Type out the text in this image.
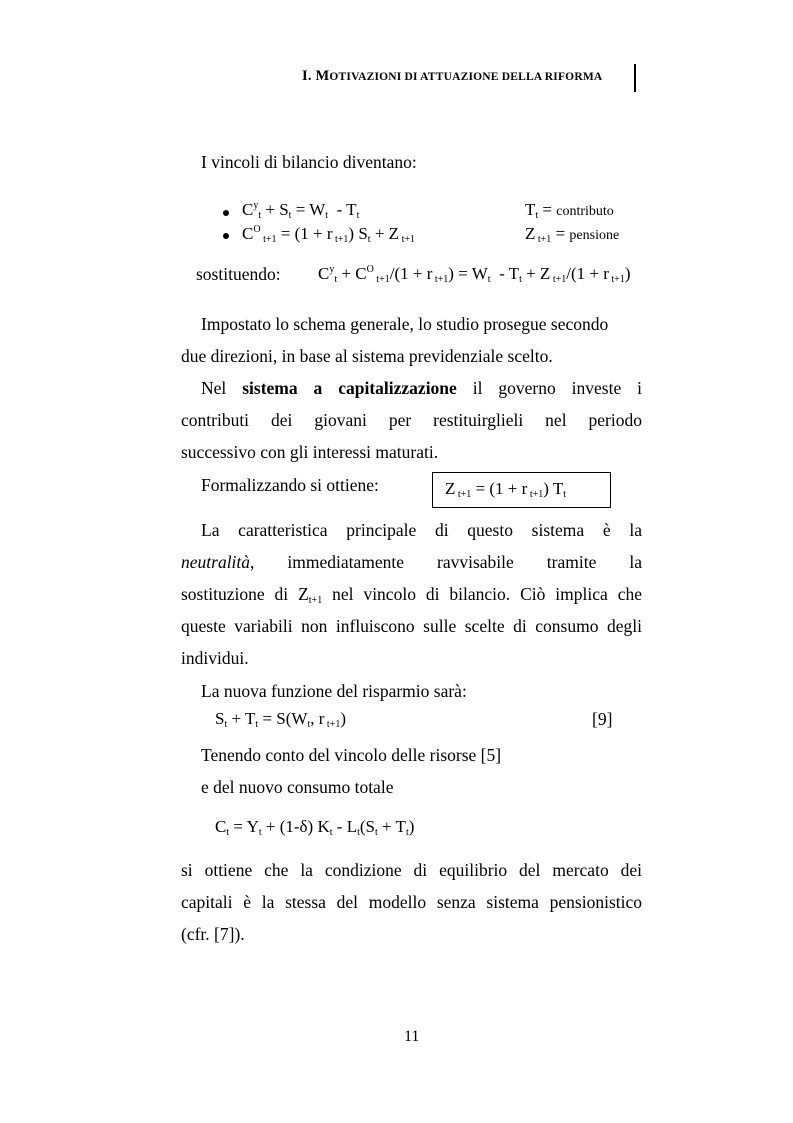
I. MOTIVAZIONI DI ATTUAZIONE DELLA RIFORMA
I vincoli di bilancio diventano:
$C^y_t + S_t = W_t - T_t$	$T_t$ = contributo
$C^O$ $_{t+1}$ = (1 + r $_{t+1}$) $S_t + Z$ $_{t+1}$	Z $_{t+1}$ = pensione
sostituendo: $C^y_t + C^O$ $_{t+1}$/(1 + r $_{t+1}) = W_t - T_t + Z$ $_{t+1}$/(1 + r $_{t+1}$)
Impostato lo schema generale, lo studio prosegue secondo
due direzioni, in base al sistema previdenziale scelto.
Nel sistema a capitalizzazione il governo investe i
contributi dei giovani per restituirglieli nel periodo
successivo con gli interessi maturati.
Formalizzando si ottiene:	Z $_{t+1}$ = (1 + r $_{t+1}$) $T_t$
La caratteristica principale di questo sistema è la
neutralità, immediatamente ravvisabile tramite la
sostituzione di $Z_{t+1}$ nel vincolo di bilancio. Ciò implica che
queste variabili non influiscono sulle scelte di consumo degli
individui.
La nuova funzione del risparmio sarà:
$S_t + T_t = S(W_t$, r $_{t+1}$)	[9]
Tenendo conto del vincolo delle risorse [5]
e del nuovo consumo totale
$C_t = Y_t + (1-\delta)$ $K_t - L_t(S_t + T_t)$
si ottiene che la condizione di equilibrio del mercato dei
capitali è la stessa del modello senza sistema pensionistico
(cfr. [7]).
11
